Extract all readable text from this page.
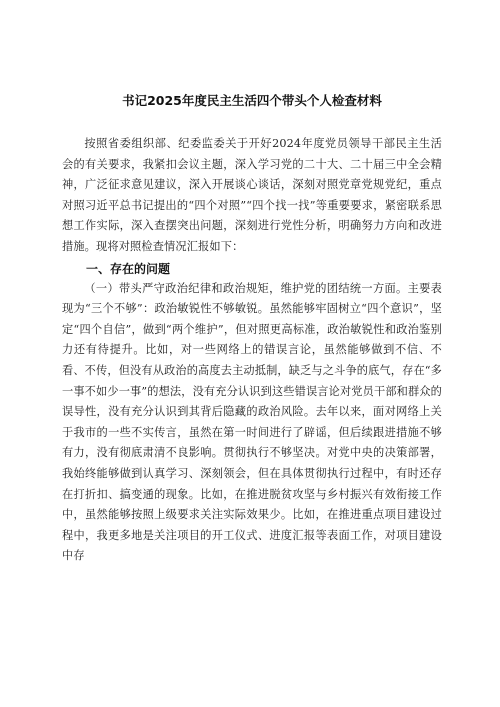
书记2025年度民主生活四个带头个人检查材料

按照省委组织部、纪委监委关于开好2024年度党员领导干部民主生活会的有关要求，我紧扣会议主题，深入学习党的二十大、二十届三中全会精神，广泛征求意见建议，深入开展谈心谈话，深刻对照党章党规党纪，重点对照习近平总书记提出的“四个对照”“四个找一找”等重要要求，紧密联系思想工作实际，深入查摆突出问题，深刻进行党性分析，明确努力方向和改进措施。现将对照检查情况汇报如下：

一、存在的问题

（一）带头严守政治纪律和政治规矩，维护党的团结统一方面。主要表现为“三个不够”：政治敏锐性不够敏锐。虽然能够牢固树立“四个意识”，坚定“四个自信”，做到“两个维护”，但对照更高标准，政治敏锐性和政治鉴别力还有待提升。比如，对一些网络上的错误言论，虽然能够做到不信、不看、不传，但没有从政治的高度去主动抵制，缺乏与之斗争的底气，存在“多一事不如少一事”的想法，没有充分认识到这些错误言论对党员干部和群众的误导性，没有充分认识到其背后隐藏的政治风险。去年以来，面对网络上关于我市的一些不实传言，虽然在第一时间进行了辟谣，但后续跟进措施不够有力，没有彻底肃清不良影响。贯彻执行不够坚决。对党中央的决策部署，我始终能够做到认真学习、深刻领会，但在具体贯彻执行过程中，有时还存在打折扣、搞变通的现象。比如，在推进脱贫攻坚与乡村振兴有效衔接工作中，虽然能够按照上级要求关注实际效果少。比如，在推进重点项目建设过程中，我更多地是关注项目的开工仪式、进度汇报等表面工作，对项目建设中存
